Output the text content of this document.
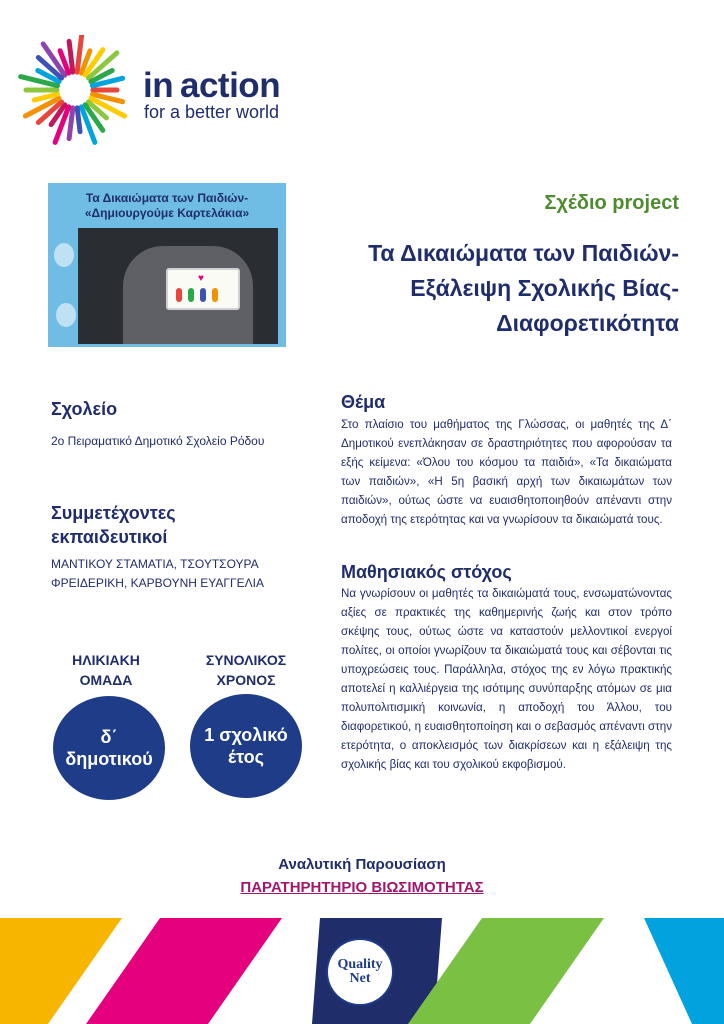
in action
for a better world
Τα Δικαιώματα των Παιδιών-
«Δημιουργούμε Καρτελάκια»
♥
Σχέδιο project
Τα Δικαιώματα των Παιδιών-
Εξάλειψη Σχολικής Βίας-
Διαφορετικότητα
Σχολείο
2ο Πειραματικό Δημοτικό Σχολείο Ρόδου
Συμμετέχοντες
εκπαιδευτικοί
ΜΑΝΤΙΚΟΥ ΣΤΑΜΑΤΙΑ, ΤΣΟΥΤΣΟΥΡΑ
ΦΡΕΙΔΕΡΙΚΗ, ΚΑΡΒΟΥΝΗ ΕΥΑΓΓΕΛΙΑ
ΗΛΙΚΙΑΚΗ
ΟΜΑΔΑ
δ΄
δημοτικού
ΣΥΝΟΛΙΚΟΣ
ΧΡΟΝΟΣ
1 σχολικό
έτος
Θέμα
Στο πλαίσιο του μαθήματος της Γλώσσας, οι μαθητές της Δ΄ Δημοτικού ενεπλάκησαν σε δραστηριότητες που αφορούσαν τα εξής κείμενα: «Όλου του κόσμου τα παιδιά», «Τα δικαιώματα των παιδιών», «Η 5η βασική αρχή των δικαιωμάτων των παιδιών», ούτως ώστε να ευαισθητοποιηθούν απέναντι στην αποδοχή της ετερότητας και να γνωρίσουν τα δικαιώματά τους.
Μαθησιακός στόχος
Να γνωρίσουν οι μαθητές τα δικαιώματά τους, ενσωματώνοντας αξίες σε πρακτικές της καθημερινής ζωής και στον τρόπο σκέψης τους, ούτως ώστε να καταστούν μελλοντικοί ενεργοί πολίτες, οι οποίοι γνωρίζουν τα δικαιώματά τους και σέβονται τις υποχρεώσεις τους. Παράλληλα, στόχος της εν λόγω πρακτικής αποτελεί η καλλιέργεια της ισότιμης συνύπαρξης ατόμων σε μια πολυπολιτισμική κοινωνία, η αποδοχή του Άλλου, του διαφορετικού, η ευαισθητοποίηση και ο σεβασμός απέναντι στην ετερότητα, ο αποκλεισμός των διακρίσεων και η εξάλειψη της σχολικής βίας και του σχολικού εκφοβισμού.
Αναλυτική Παρουσίαση
ΠΑΡΑΤΗΡΗΤΗΡΙΟ ΒΙΩΣΙΜΟΤΗΤΑΣ
Quality
Net
